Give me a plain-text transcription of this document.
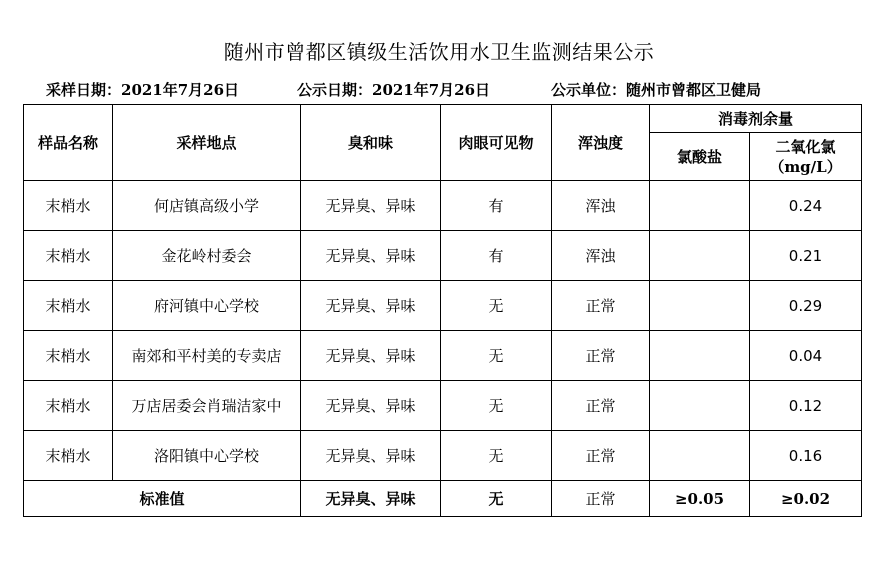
随州市曾都区镇级生活饮用水卫生监测结果公示
采样日期：2021年7月26日	公示日期：2021年7月26日	公示单位：随州市曾都区卫健局
样品名称	采样地点	臭和味	肉眼可见物	浑浊度	消毒剂余量	
					氯酸盐	二氧化氯
（mg/L）

末梢水	何店镇高级小学	无异臭、异味	有	浑浊		0.24
末梢水	金花岭村委会	无异臭、异味	有	浑浊		0.21
末梢水	府河镇中心学校	无异臭、异味	无	正常		0.29
末梢水	南郊和平村美的专卖店	无异臭、异味	无	正常		0.04
末梢水	万店居委会肖瑞洁家中	无异臭、异味	无	正常		0.12
末梢水	洛阳镇中心学校	无异臭、异味	无	正常		0.16
标准值		无异臭、异味	无	正常	≥0.05	≥0.02
